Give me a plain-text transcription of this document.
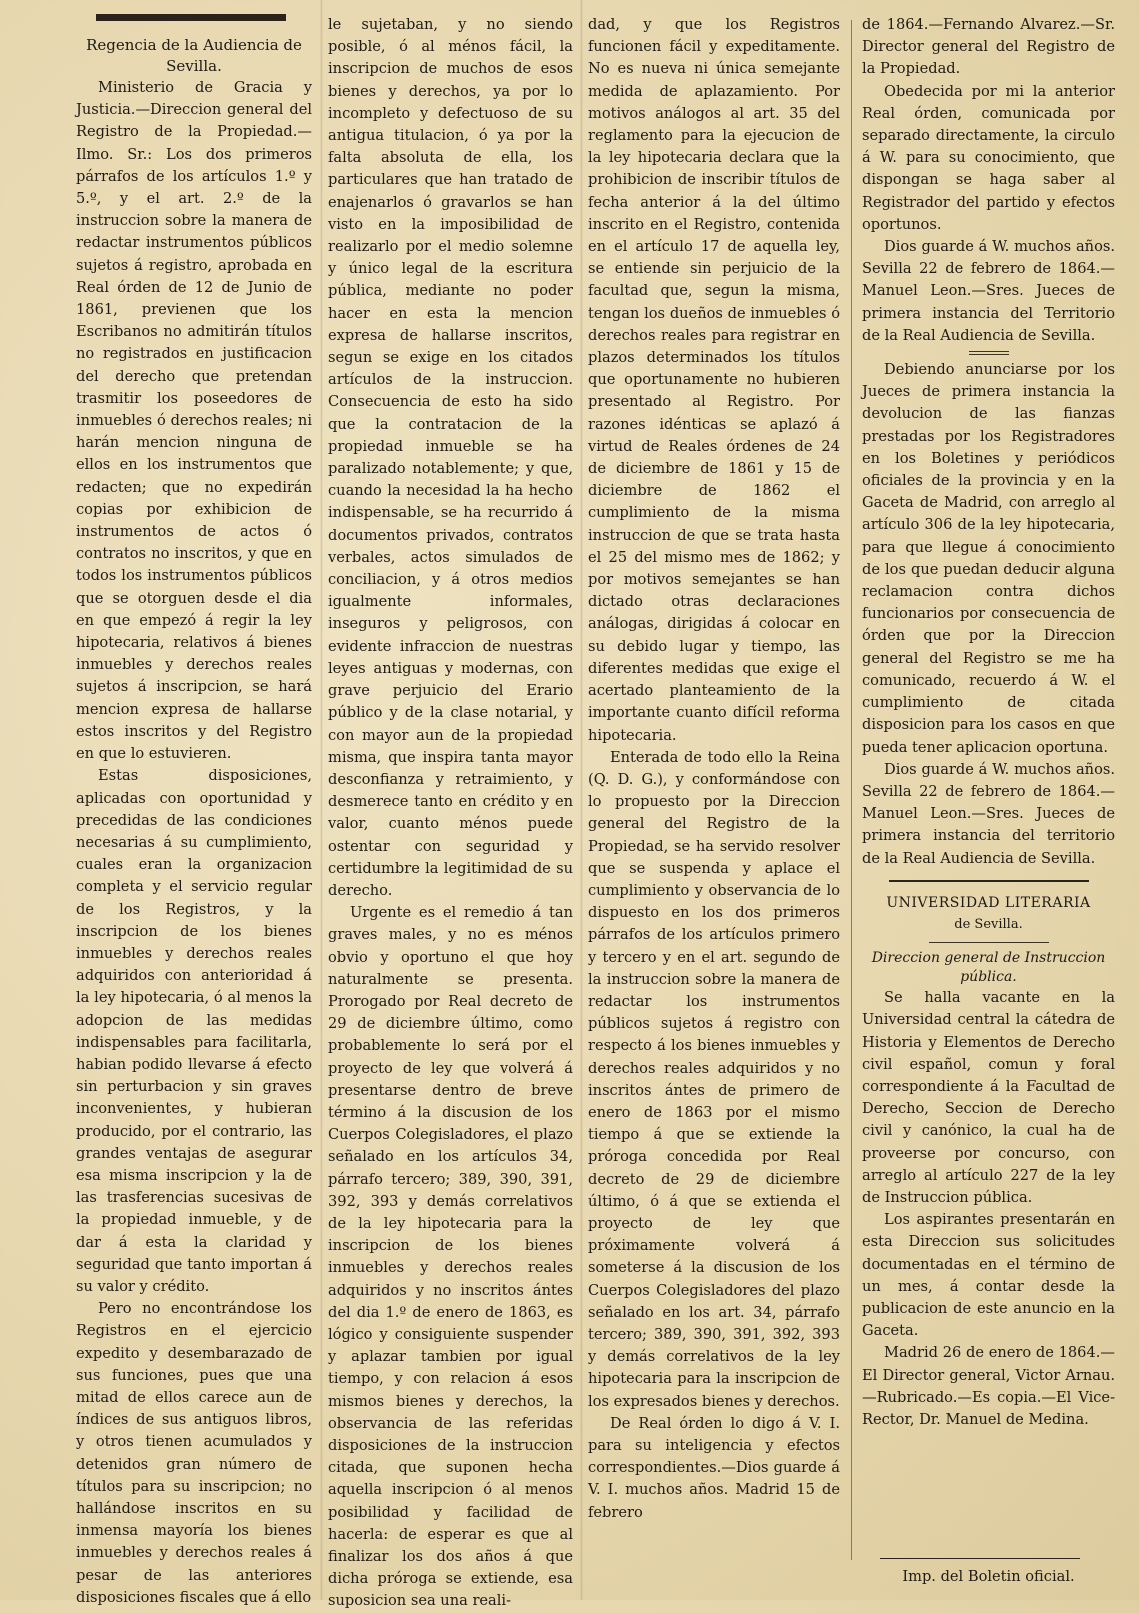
Regencia de la Audiencia de Sevilla.

Ministerio de Gracia y Justicia.—Direccion general del Registro de la Propiedad.—Ilmo. Sr.: Los dos primeros párrafos de los artículos 1.º y 5.º, y el art. 2.º de la instruccion sobre la manera de redactar instrumentos públicos sujetos á registro, aprobada en Real órden de 12 de Junio de 1861, previenen que los Escribanos no admitirán títulos no registrados en justificacion del derecho que pretendan trasmitir los poseedores de inmuebles ó derechos reales; ni harán mencion ninguna de ellos en los instrumentos que redacten; que no expedirán copias por exhibicion de instrumentos de actos ó contratos no inscritos, y que en todos los instrumentos públicos que se otorguen desde el dia en que empezó á regir la ley hipotecaria, relativos á bienes inmuebles y derechos reales sujetos á inscripcion, se hará mencion expresa de hallarse estos inscritos y del Registro en que lo estuvieren.

Estas disposiciones, aplicadas con oportunidad y precedidas de las condiciones necesarias á su cumplimiento, cuales eran la organizacion completa y el servicio regular de los Registros, y la inscripcion de los bienes inmuebles y derechos reales adquiridos con anterioridad á la ley hipotecaria, ó al menos la adopcion de las medidas indispensables para facilitarla, habian podido llevarse á efecto sin perturbacion y sin graves inconvenientes, y hubieran producido, por el contrario, las grandes ventajas de asegurar esa misma inscripcion y la de las trasferencias sucesivas de la propiedad inmueble, y de dar á esta la claridad y seguridad que tanto importan á su valor y crédito.

Pero no encontrándose los Registros en el ejercicio expedito y desembarazado de sus funciones, pues que una mitad de ellos carece aun de índices de sus antiguos libros, y otros tienen acumulados y detenidos gran número de títulos para su inscripcion; no hallándose inscritos en su inmensa mayoría los bienes inmuebles y derechos reales á pesar de las anteriores disposiciones fiscales que á ello

le sujetaban, y no siendo posible, ó al ménos fácil, la inscripcion de muchos de esos bienes y derechos, ya por lo incompleto y defectuoso de su antigua titulacion, ó ya por la falta absoluta de ella, los particulares que han tratado de enajenarlos ó gravarlos se han visto en la imposibilidad de realizarlo por el medio solemne y único legal de la escritura pública, mediante no poder hacer en esta la mencion expresa de hallarse inscritos, segun se exige en los citados artículos de la instruccion. Consecuencia de esto ha sido que la contratacion de la propiedad inmueble se ha paralizado notablemente; y que, cuando la necesidad la ha hecho indispensable, se ha recurrido á documentos privados, contratos verbales, actos simulados de conciliacion, y á otros medios igualmente informales, inseguros y peligrosos, con evidente infraccion de nuestras leyes antiguas y modernas, con grave perjuicio del Erario público y de la clase notarial, y con mayor aun de la propiedad misma, que inspira tanta mayor desconfianza y retraimiento, y desmerece tanto en crédito y en valor, cuanto ménos puede ostentar con seguridad y certidumbre la legitimidad de su derecho.

Urgente es el remedio á tan graves males, y no es ménos obvio y oportuno el que hoy naturalmente se presenta. Prorogado por Real decreto de 29 de diciembre último, como probablemente lo será por el proyecto de ley que volverá á presentarse dentro de breve término á la discusion de los Cuerpos Colegisladores, el plazo señalado en los artículos 34, párrafo tercero; 389, 390, 391, 392, 393 y demás correlativos de la ley hipotecaria para la inscripcion de los bienes inmuebles y derechos reales adquiridos y no inscritos ántes del dia 1.º de enero de 1863, es lógico y consiguiente suspender y aplazar tambien por igual tiempo, y con relacion á esos mismos bienes y derechos, la observancia de las referidas disposiciones de la instruccion citada, que suponen hecha aquella inscripcion ó al menos posibilidad y facilidad de hacerla: de esperar es que al finalizar los dos años á que dicha próroga se extiende, esa suposicion sea una reali-

dad, y que los Registros funcionen fácil y expeditamente. No es nueva ni única semejante medida de aplazamiento. Por motivos análogos al art. 35 del reglamento para la ejecucion de la ley hipotecaria declara que la prohibicion de inscribir títulos de fecha anterior á la del último inscrito en el Registro, contenida en el artículo 17 de aquella ley, se entiende sin perjuicio de la facultad que, segun la misma, tengan los dueños de inmuebles ó derechos reales para registrar en plazos determinados los títulos que oportunamente no hubieren presentado al Registro. Por razones idénticas se aplazó á virtud de Reales órdenes de 24 de diciembre de 1861 y 15 de diciembre de 1862 el cumplimiento de la misma instruccion de que se trata hasta el 25 del mismo mes de 1862; y por motivos semejantes se han dictado otras declaraciones análogas, dirigidas á colocar en su debido lugar y tiempo, las diferentes medidas que exige el acertado planteamiento de la importante cuanto difícil reforma hipotecaria.

Enterada de todo ello la Reina (Q. D. G.), y conformándose con lo propuesto por la Direccion general del Registro de la Propiedad, se ha servido resolver que se suspenda y aplace el cumplimiento y observancia de lo dispuesto en los dos primeros párrafos de los artículos primero y tercero y en el art. segundo de la instruccion sobre la manera de redactar los instrumentos públicos sujetos á registro con respecto á los bienes inmuebles y derechos reales adquiridos y no inscritos ántes de primero de enero de 1863 por el mismo tiempo á que se extiende la próroga concedida por Real decreto de 29 de diciembre último, ó á que se extienda el proyecto de ley que próximamente volverá á someterse á la discusion de los Cuerpos Colegisladores del plazo señalado en los art. 34, párrafo tercero; 389, 390, 391, 392, 393 y demás correlativos de la ley hipotecaria para la inscripcion de los expresados bienes y derechos.

De Real órden lo digo á V. I. para su inteligencia y efectos correspondientes.—Dios guarde á V. I. muchos años. Madrid 15 de febrero

de 1864.—Fernando Alvarez.—Sr. Director general del Registro de la Propiedad.

Obedecida por mi la anterior Real órden, comunicada por separado directamente, la circulo á W. para su conocimiento, que dispongan se haga saber al Registrador del partido y efectos oportunos.

Dios guarde á W. muchos años. Sevilla 22 de febrero de 1864.—Manuel Leon.—Sres. Jueces de primera instancia del Territorio de la Real Audiencia de Sevilla.

Debiendo anunciarse por los Jueces de primera instancia la devolucion de las fianzas prestadas por los Registradores en los Boletines y periódicos oficiales de la provincia y en la Gaceta de Madrid, con arreglo al artículo 306 de la ley hipotecaria, para que llegue á conocimiento de los que puedan deducir alguna reclamacion contra dichos funcionarios por consecuencia de órden que por la Direccion general del Registro se me ha comunicado, recuerdo á W. el cumplimiento de citada disposicion para los casos en que pueda tener aplicacion oportuna.

Dios guarde á W. muchos años. Sevilla 22 de febrero de 1864.—Manuel Leon.—Sres. Jueces de primera instancia del territorio de la Real Audiencia de Sevilla.

UNIVERSIDAD LITERARIA

de Sevilla.

Direccion general de Instruccion pública.

Se halla vacante en la Universidad central la cátedra de Historia y Elementos de Derecho civil español, comun y foral correspondiente á la Facultad de Derecho, Seccion de Derecho civil y canónico, la cual ha de proveerse por concurso, con arreglo al artículo 227 de la ley de Instruccion pública.

Los aspirantes presentarán en esta Direccion sus solicitudes documentadas en el término de un mes, á contar desde la publicacion de este anuncio en la Gaceta.

Madrid 26 de enero de 1864.—El Director general, Victor Arnau.—Rubricado.—Es copia.—El Vice-Rector, Dr. Manuel de Medina.

Imp. del Boletin oficial.
